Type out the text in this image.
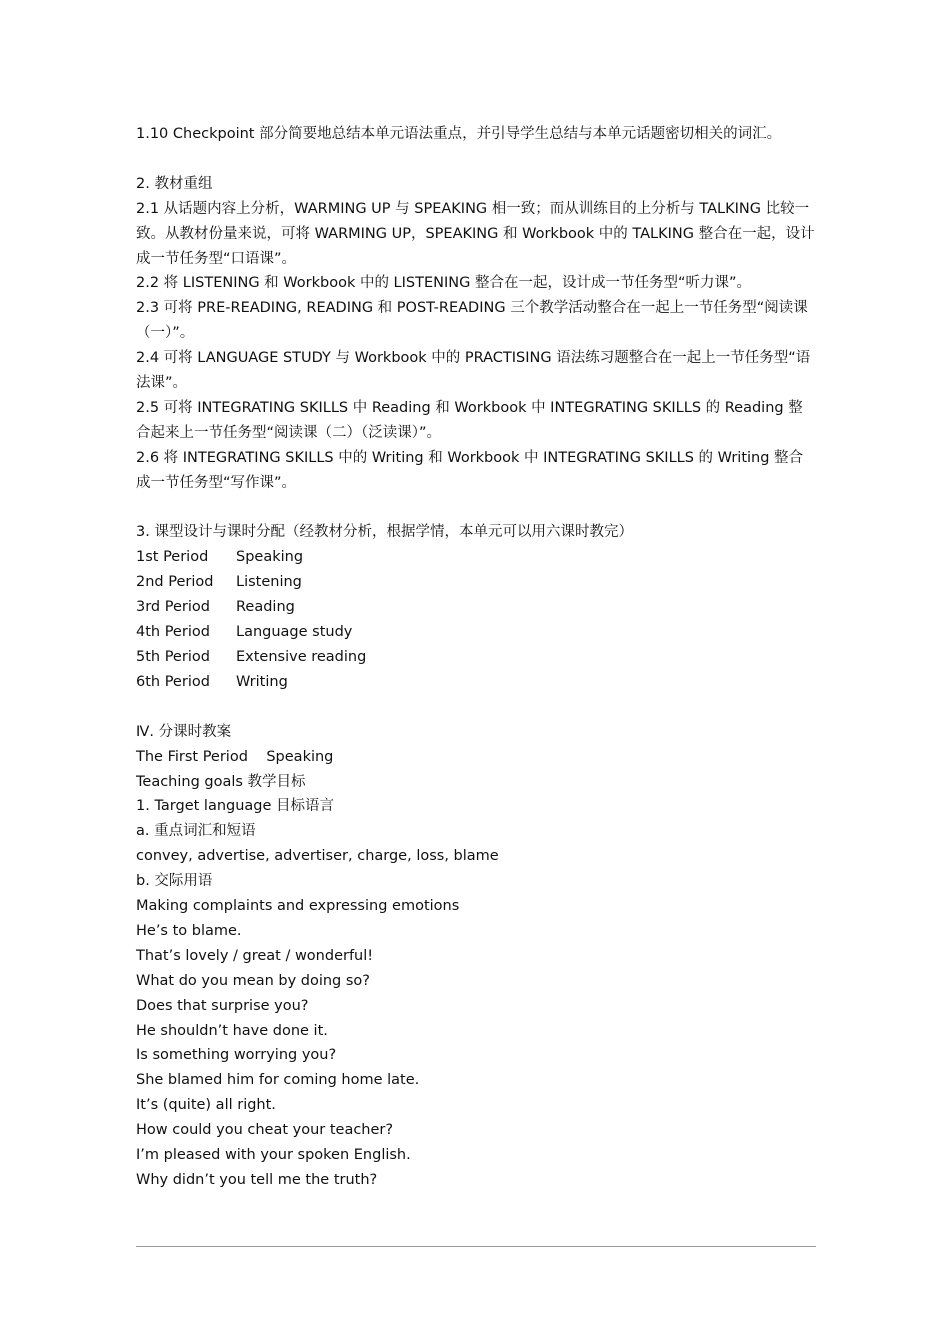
1.10 Checkpoint 部分简要地总结本单元语法重点，并引导学生总结与本单元话题密切相关的词汇。

2. 教材重组

2.1 从话题内容上分析，WARMING UP 与 SPEAKING 相一致；而从训练目的上分析与 TALKING 比较一致。从教材份量来说，可将 WARMING UP，SPEAKING 和 Workbook 中的 TALKING 整合在一起，设计成一节任务型“口语课”。

2.2 将 LISTENING 和 Workbook 中的 LISTENING 整合在一起，设计成一节任务型“听力课”。

2.3 可将 PRE-READING, READING 和 POST-READING 三个教学活动整合在一起上一节任务型“阅读课（一）”。

2.4 可将 LANGUAGE STUDY 与 Workbook 中的 PRACTISING 语法练习题整合在一起上一节任务型“语法课”。

2.5 可将 INTEGRATING SKILLS 中 Reading 和 Workbook 中 INTEGRATING SKILLS 的 Reading 整合起来上一节任务型“阅读课（二）（泛读课）”。

2.6 将 INTEGRATING SKILLS 中的 Writing 和 Workbook 中 INTEGRATING SKILLS 的 Writing 整合成一节任务型“写作课”。

3. 课型设计与课时分配（经教材分析，根据学情，本单元可以用六课时教完）

1st Period	Speaking
2nd Period	Listening
3rd Period	Reading
4th Period	Language study
5th Period	Extensive reading
6th Period	Writing

Ⅳ. 分课时教案

The First Period    Speaking

Teaching goals 教学目标

1. Target language 目标语言

a. 重点词汇和短语

convey, advertise, advertiser, charge, loss, blame

b. 交际用语

Making complaints and expressing emotions

He’s to blame.

That’s lovely / great / wonderful!

What do you mean by doing so?

Does that surprise you?

He shouldn’t have done it.

Is something worrying you?

She blamed him for coming home late.

It’s (quite) all right.

How could you cheat your teacher?

I’m pleased with your spoken English.

Why didn’t you tell me the truth?
